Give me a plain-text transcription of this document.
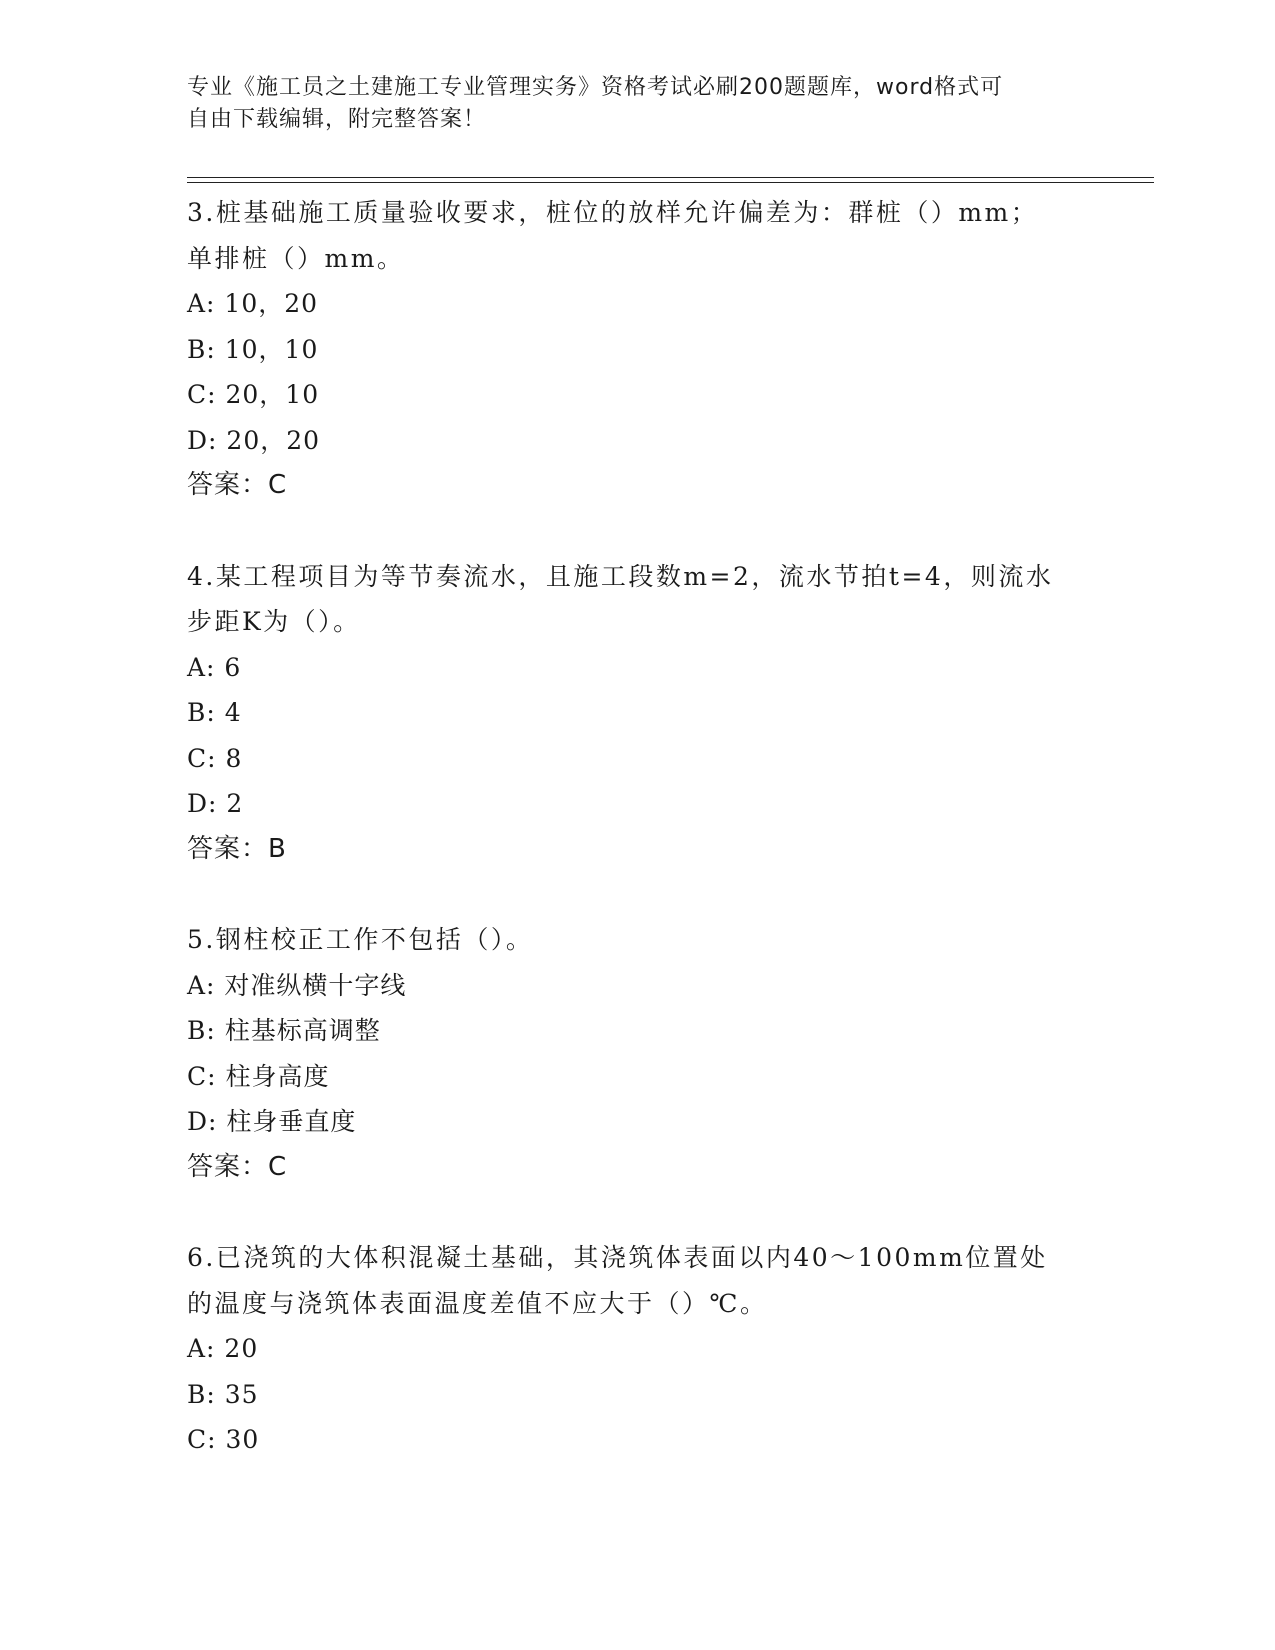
专业《施工员之土建施工专业管理实务》资格考试必刷200题题库，word格式可
自由下载编辑，附完整答案！
3.桩基础施工质量验收要求，桩位的放样允许偏差为：群桩（）mm；
单排桩（）mm。
A: 10，20
B: 10，10
C: 20，10
D: 20，20
答案：C
4.某工程项目为等节奏流水，且施工段数m=2，流水节拍t=4，则流水
步距K为（）。
A: 6
B: 4
C: 8
D: 2
答案：B
5.钢柱校正工作不包括（）。
A: 对准纵横十字线
B: 柱基标高调整
C: 柱身高度
D: 柱身垂直度
答案：C
6.已浇筑的大体积混凝土基础，其浇筑体表面以内40～100mm位置处
的温度与浇筑体表面温度差值不应大于（）℃。
A: 20
B: 35
C: 30
